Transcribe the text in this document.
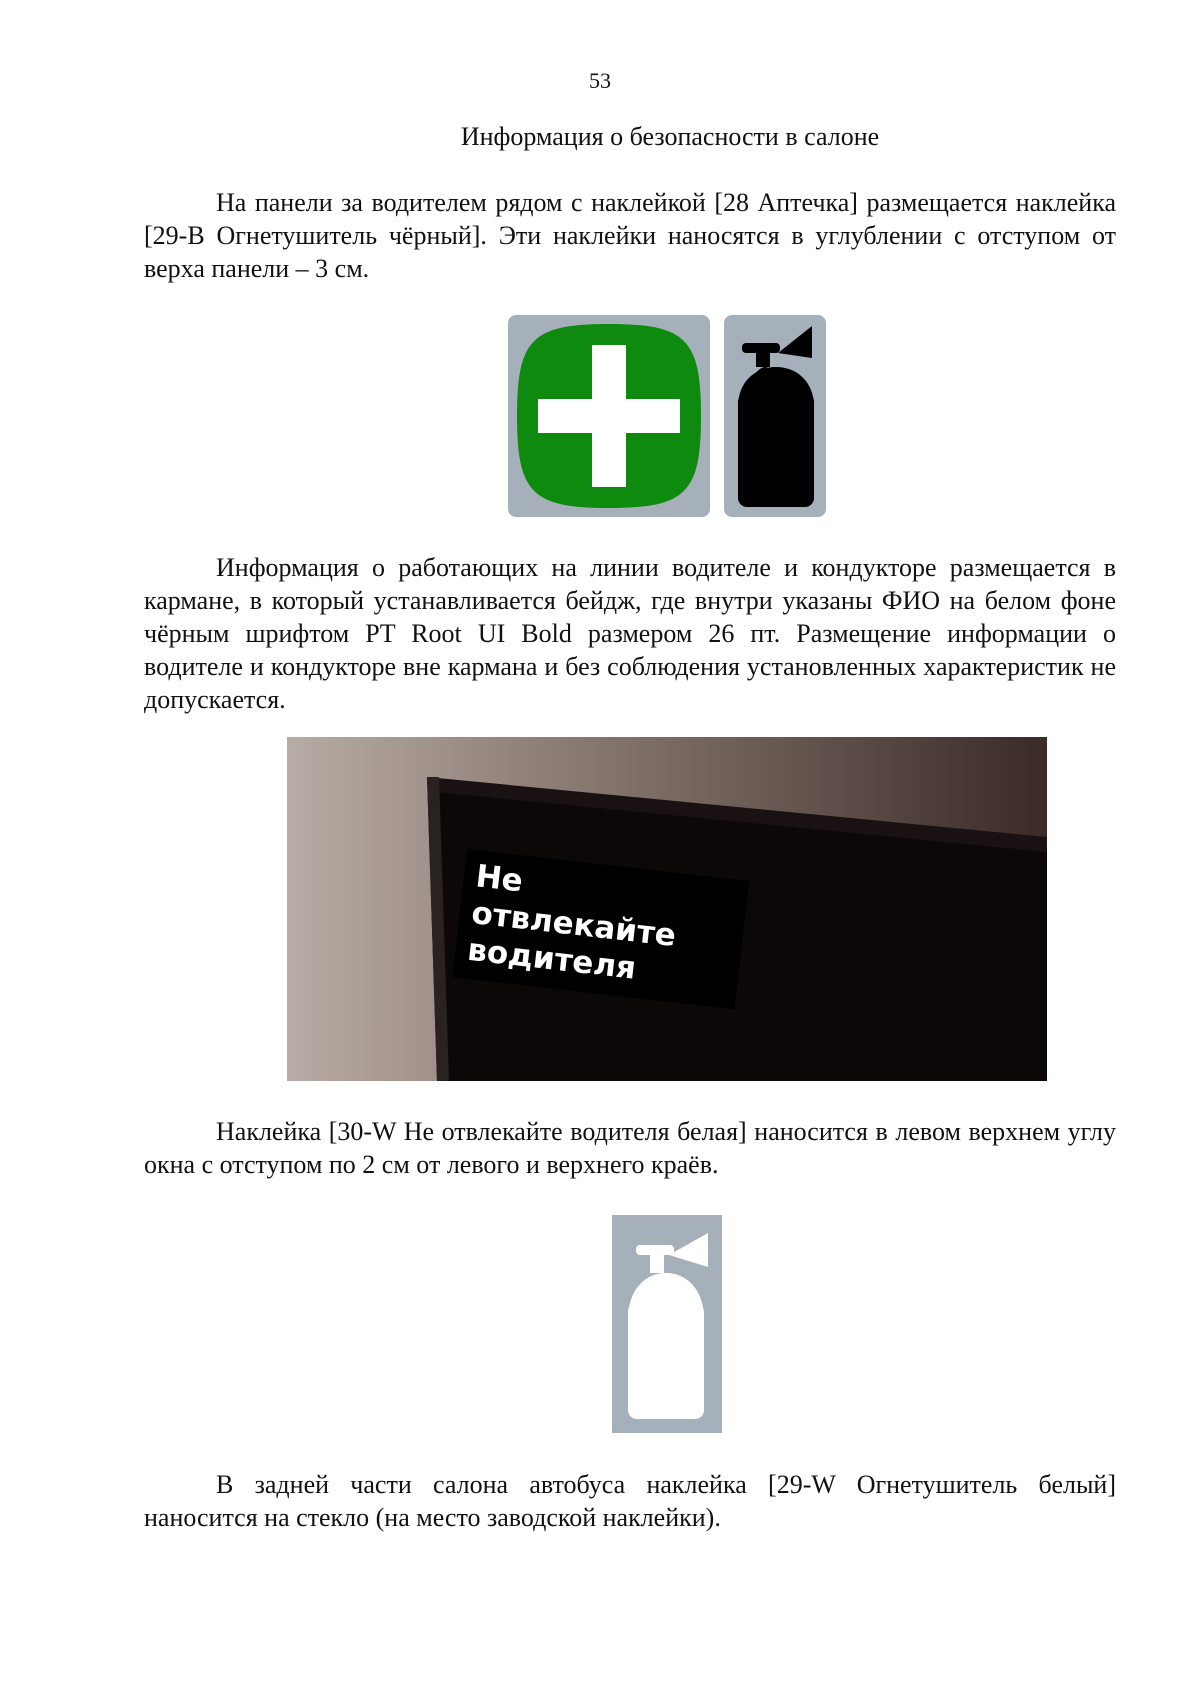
53
Информация о безопасности в салоне

На панели за водителем рядом с наклейкой [28 Аптечка] размещается наклейка [29-B Огнетушитель чёрный]. Эти наклейки наносятся в углублении с отступом от верха панели – 3 см.

Информация о работающих на линии водителе и кондукторе размещается в кармане, в который устанавливается бейдж, где внутри указаны ФИО на белом фоне чёрным шрифтом PT Root UI Bold размером 26 пт. Размещение информации о водителе и кондукторе вне кармана и без соблюдения установленных характеристик не допускается.

Не отвлекайте водителя

Наклейка [30-W Не отвлекайте водителя белая] наносится в левом верхнем углу окна с отступом по 2 см от левого и верхнего краёв.

В задней части салона автобуса наклейка [29-W Огнетушитель белый] наносится на стекло (на место заводской наклейки).
